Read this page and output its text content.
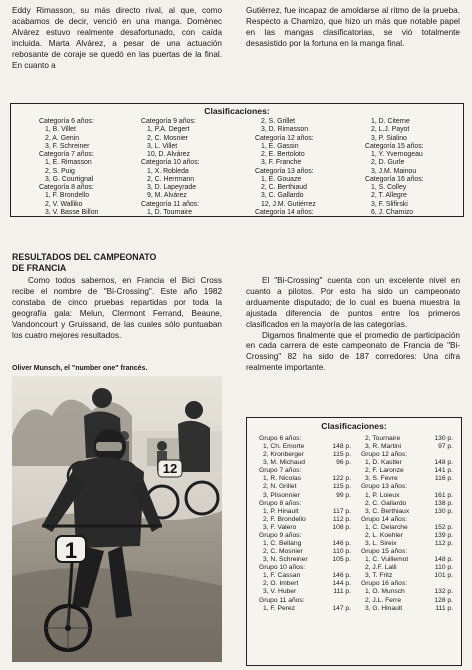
Eddy Rimasson, su más directo rival, al que, como acabamos de decir, venció en una manga. Domènec Alvárez estuvo realmente desafortunado, con caída incluida. Marta Alvárez, a pesar de una actuación rebosante de coraje se quedó en las puertas de la final. En cuanto a

Gutiérrez, fue incapaz de amoldarse al ritmo de la prueba. Respecto a Chamizo, que hizo un más que notable papel en las mangas clasificatorias, se vió totalmente desasistido por la fortuna en la manga final.

Clasificaciones:

Categoría 6 años:
1, B. Villet
2, A. Genin
3, F. Schreiner
Categoría 7 años:
1, E. Rimasson
2, S. Puig
3, G. Courtignal
Categoría 8 años:
1, F. Brondello
2, V. Walliko
3, V. Basse Billon
Categoría 9 años:
1, P.A. Degert
2, C. Mosnier
3, L. Villet
10, D. Alvárez
Categoría 10 años:
1, X. Robleda
2, C. Herrmann
3, D. Lapeyrade
9, M. Alvárez
Categoría 11 años:
1, D. Tournaire
2, S. Grillet
3, D. Rimasson
Categoría 12 años:
1, E. Gassin
2, E. Bertoloto
3, F. Franche
Categoría 13 años:
1, E. Gouaze
2, C. Berthiaud
3, C. Gallardo
12, J.M. Gutiérrez
Categoría 14 años:
1, D. Citerne
2, L.J. Payot
3, P. Sialino
Categoría 15 años:
1, Y. Yvernogeau
2, D. Gurle
3, J.M. Mainou
Categoría 16 años:
1, S. Colley
2, T. Allegre
3, F. Slifirski
6, J. Chamizo
RESULTADOS DEL CAMPEONATO
DE FRANCIA

Como todos sabemos, en Francia el Bici Cross recibe el nombre de "Bi-Crossing". Este año 1982 constaba de cinco pruebas repartidas por toda la geografía gala: Melun, Clermont Ferrand, Beaune, Vandoncourt y Gruissand, de las cuales sólo puntuaban los cuatro mejores resultados.

El "Bi-Crossing" cuenta con un excelente nivel en cuanto a pilotos. Por esto ha sido un campeonato arduamente disputado; de lo cual es buena muestra la ajustada diferencia de puntos entre los primeros clasificados en la mayoría de las categorías.

Digamos finalmente que el promedio de participación en cada carrera de este campeonato de Francia de "Bi-Crossing" 82 ha sido de 187 corredores: Una cifra realmente importante.

Oliver Munsch, el "number one" francés.
12
1

Clasificaciones:

Grupo 6 años:
1, Ch. Emorte	148 p.
2, Kronberger	115 p.
3, M. Michaud	96 p.
Grupo 7 años:
1, R. Nicolas	122 p.
2, N. Grillet	115 p.
3, Plisonnier	99 p.
Grupo 8 años:
1, P. Hinault	117 p.
2, F. Brondello	112 p.
3, F. Valero	108 p.
Grupo 9 años:
1, C. Bellang	146 p.
2, C. Mosnier	110 p.
3, N. Schreiner	105 p.
Grupo 10 años:
1, F. Cassan	146 p.
2, O. Imbert	144 p.
3, V. Huber	111 p.
Grupo 11 años:
1, F. Perez	147 p.
2, Tournaire	130 p.
3, R. Martini	97 p.
Grupo 12 años:
1, D. Kastler	148 p.
2, F. Laronze	141 p.
3, S. Fevre	116 p.
Grupo 13 años:
1, P. Loieux	161 p.
2, C. Gallardo	138 p.
3, C. Berthiaux	130 p.
Grupo 14 años:
1, C. Delarche	152 p.
2, L. Koehler	139 p.
3, L. Sireix	112 p.
Grupo 15 años:
1, C. Vuillemot	148 p.
2, J.F. Lalli	110 p.
3, T. Fritz	101 p.
Grupo 16 años:
1, O. Munsch	132 p.
2, J.L. Ferre	128 p.
3, G. Hinault	111 p.
